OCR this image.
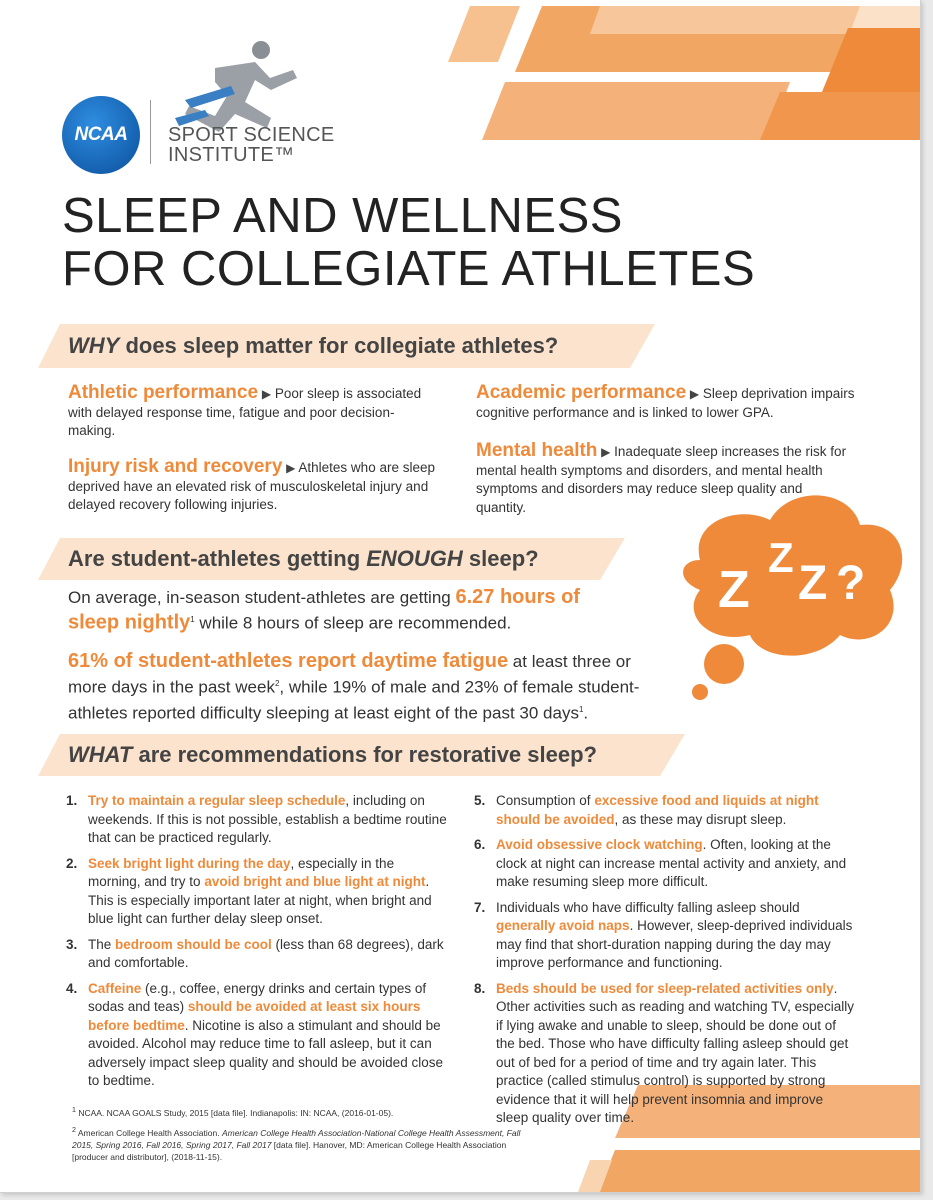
NCAA	SPORT SCIENCE
INSTITUTE™
SLEEP AND WELLNESS
FOR COLLEGIATE ATHLETES
WHY does sleep matter for collegiate athletes?
Athletic performance ▶ Poor sleep is associated with delayed response time, fatigue and poor decision-making.
Injury risk and recovery ▶ Athletes who are sleep deprived have an elevated risk of musculoskeletal injury and delayed recovery following injuries.
Academic performance ▶ Sleep deprivation impairs cognitive performance and is linked to lower GPA.
Mental health ▶ Inadequate sleep increases the risk for mental health symptoms and disorders, and mental health symptoms and disorders may reduce sleep quality and quantity.
Are student-athletes getting ENOUGH sleep?
Z
Z Z ?
On average, in-season student-athletes are getting 6.27 hours of sleep nightly$^1$ while 8 hours of sleep are recommended.
61% of student-athletes report daytime fatigue at least three or more days in the past week$^2$, while 19% of male and 23% of female student-athletes reported difficulty sleeping at least eight of the past 30 days$^1$.
WHAT are recommendations for restorative sleep?
1. Try to maintain a regular sleep schedule, including on weekends. If this is not possible, establish a bedtime routine that can be practiced regularly.
2. Seek bright light during the day, especially in the morning, and try to avoid bright and blue light at night. This is especially important later at night, when bright and blue light can further delay sleep onset.
3. The bedroom should be cool (less than 68 degrees), dark and comfortable.
4. Caffeine (e.g., coffee, energy drinks and certain types of sodas and teas) should be avoided at least six hours before bedtime. Nicotine is also a stimulant and should be avoided. Alcohol may reduce time to fall asleep, but it can adversely impact sleep quality and should be avoided close to bedtime.
5. Consumption of excessive food and liquids at night should be avoided, as these may disrupt sleep.
6. Avoid obsessive clock watching. Often, looking at the clock at night can increase mental activity and anxiety, and make resuming sleep more difficult.
7. Individuals who have difficulty falling asleep should generally avoid naps. However, sleep-deprived individuals may find that short-duration napping during the day may improve performance and functioning.
8. Beds should be used for sleep-related activities only. Other activities such as reading and watching TV, especially if lying awake and unable to sleep, should be done out of the bed. Those who have difficulty falling asleep should get out of bed for a period of time and try again later. This practice (called stimulus control) is supported by strong evidence that it will help prevent insomnia and improve sleep quality over time.
$^1$ NCAA. NCAA GOALS Study, 2015 [data file]. Indianapolis: IN: NCAA, (2016-01-05).
$^2$ American College Health Association. American College Health Association-National College Health Assessment, Fall 2015, Spring 2016, Fall 2016, Spring 2017, Fall 2017 [data file]. Hanover, MD: American College Health Association [producer and distributor], (2018-11-15).
